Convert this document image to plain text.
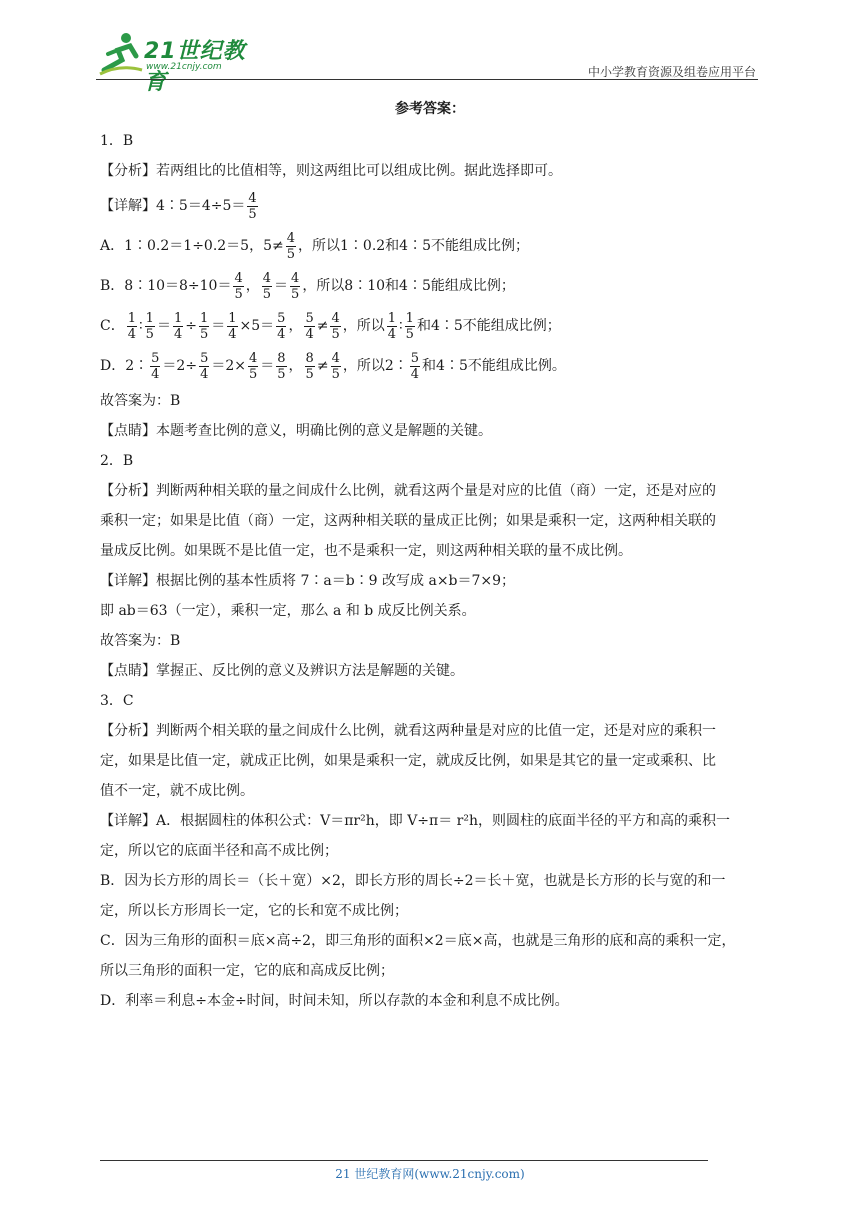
21世纪教育
www.21cnjy.com	中小学教育资源及组卷应用平台
参考答案：

1．B

【分析】若两组比的比值相等，则这两组比可以组成比例。据此选择即可。

【详解】4∶5＝4÷5＝ $\frac{4}{5}$

A．1∶0.2＝1÷0.2＝5，$5\ne \frac{4}{5}$ ，所以1∶0.2和4∶5不能组成比例；

B．8∶10＝8÷10＝ $\frac{4}{5}$ ， $\frac{4}{5} = \frac{4}{5}$ ，所以8∶10和4∶5能组成比例；

C． $\frac{1}{4}$ ∶ $\frac{1}{5} = \frac{1}{4} \div \frac{1}{5} = \frac{1}{4} \times 5= \frac{5}{4}$ ， $\frac{5}{4} \ne \frac{4}{5}$ ，所以 $\frac{1}{4}$ ∶ $\frac{1}{5}$ 和4∶5不能组成比例；

D．2∶ $\frac{5}{4} =2\div \frac{5}{4} =2\times \frac{4}{5} = \frac{8}{5}$ ， $\frac{8}{5} \ne \frac{4}{5}$ ，所以2∶ $\frac{5}{4}$ 和4∶5不能组成比例。

故答案为：B

【点睛】本题考查比例的意义，明确比例的意义是解题的关键。

2．B

【分析】判断两种相关联的量之间成什么比例，就看这两个量是对应的比值（商）一定，还是对应的

乘积一定；如果是比值（商）一定，这两种相关联的量成正比例；如果是乘积一定，这两种相关联的

量成反比例。如果既不是比值一定，也不是乘积一定，则这两种相关联的量不成比例。

【详解】根据比例的基本性质将 7∶a＝b∶9 改写成 a×b＝7×9；

即 ab＝63（一定），乘积一定，那么 a 和 b 成反比例关系。

故答案为：B

【点睛】掌握正、反比例的意义及辨识方法是解题的关键。

3．C

【分析】判断两个相关联的量之间成什么比例，就看这两种量是对应的比值一定，还是对应的乘积一

定，如果是比值一定，就成正比例，如果是乘积一定，就成反比例，如果是其它的量一定或乘积、比

值不一定，就不成比例。

【详解】A．根据圆柱的体积公式：V＝πr²h，即 V÷π＝ r²h，则圆柱的底面半径的平方和高的乘积一

定，所以它的底面半径和高不成比例；

B．因为长方形的周长＝（长＋宽）×2，即长方形的周长÷2＝长＋宽，也就是长方形的长与宽的和一

定，所以长方形周长一定，它的长和宽不成比例；

C．因为三角形的面积＝底×高÷2，即三角形的面积×2＝底×高，也就是三角形的底和高的乘积一定，

所以三角形的面积一定，它的底和高成反比例；

D．利率＝利息÷本金÷时间，时间未知，所以存款的本金和利息不成比例。

21 世纪教育网(www.21cnjy.com)
